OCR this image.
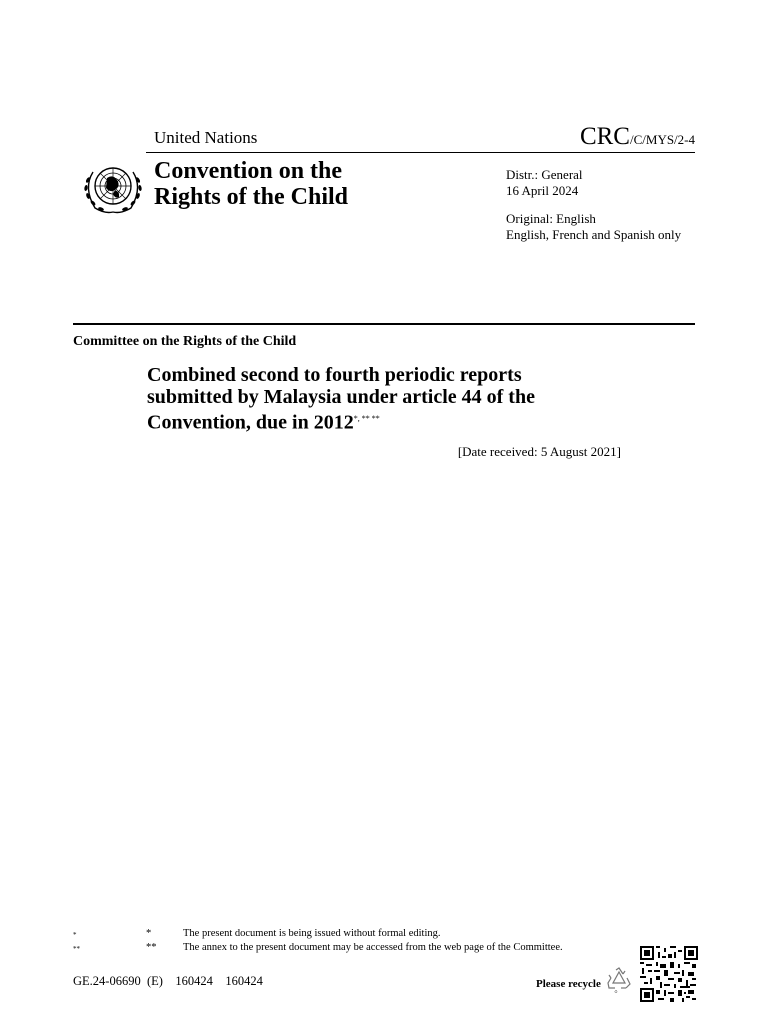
United Nations	CRC/C/MYS/2-4
Convention on the
Rights of the Child
Distr.: General
16 April 2024
Original: English
English, French and Spanish only
Committee on the Rights of the Child
Combined second to fourth periodic reports
submitted by Malaysia under article 44 of the
Convention, due in 2012*, ** **
[Date received: 5 August 2021]
*	*	The present document is being issued without formal editing.
**	**	The annex to the present document may be accessed from the web page of the Committee.
GE.24-06690  (E)    160424    160424	Please recycle
♻
